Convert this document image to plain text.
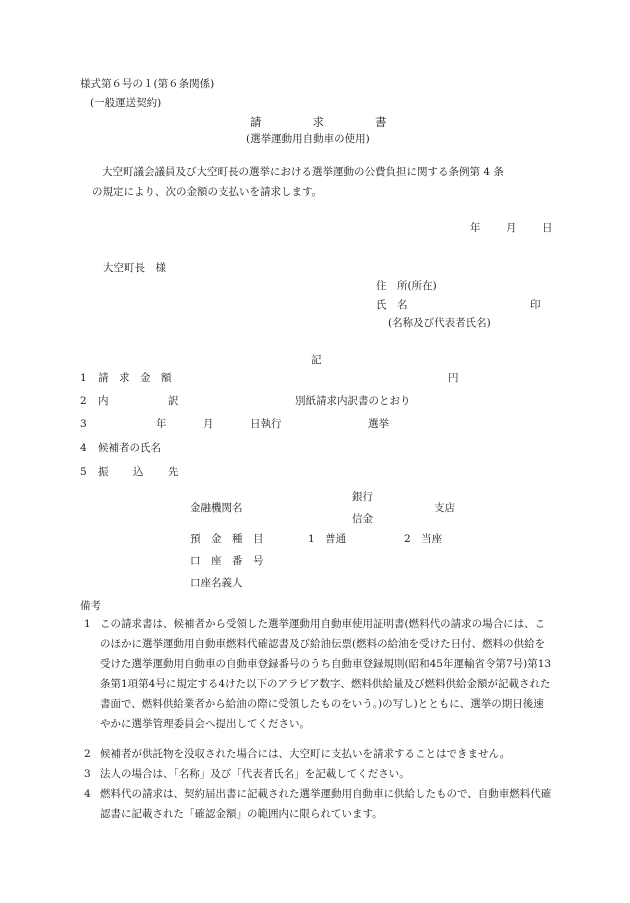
様式第６号の１(第６条関係)
(一般運送契約)
請　　　　求　　　　書
(選挙運動用自動車の使用)
大空町議会議員及び大空町長の選挙における選挙運動の公費負担に関する条例第 4 条
の規定により、次の金額の支払いを請求します。
年 月 日
大空町長　様
住　所(所在)
氏　名	印
(名称及び代表者氏名)
記
1 請　求　金　額	円
2 内	訳	別紙請求内訳書のとおり
3	年	月	日執行	選挙
4 候補者の氏名
5 振 込 先
銀行
金融機関名	支店
信金
預　金　種　目	1　普通	2　当座
口　座　番　号
口座名義人
備考
1 この請求書は、候補者から受領した選挙運動用自動車使用証明書(燃料代の請求の場合には、このほかに選挙運動用自動車燃料代確認書及び給油伝票(燃料の給油を受けた日付、燃料の供給を受けた選挙運動用自動車の自動車登録番号のうち自動車登録規則(昭和45年運輸省令第7号)第13条第1項第4号に規定する4けた以下のアラビア数字、燃料供給量及び燃料供給金額が記載された書面で、燃料供給業者から給油の際に受領したものをいう。)の写し)とともに、選挙の期日後速やかに選挙管理委員会へ提出してください。
2 候補者が供託物を没収された場合には、大空町に支払いを請求することはできません。
3 法人の場合は、「名称」及び「代表者氏名」を記載してください。
4 燃料代の請求は、契約届出書に記載された選挙運動用自動車に供給したもので、自動車燃料代確認書に記載された「確認金額」の範囲内に限られています。
